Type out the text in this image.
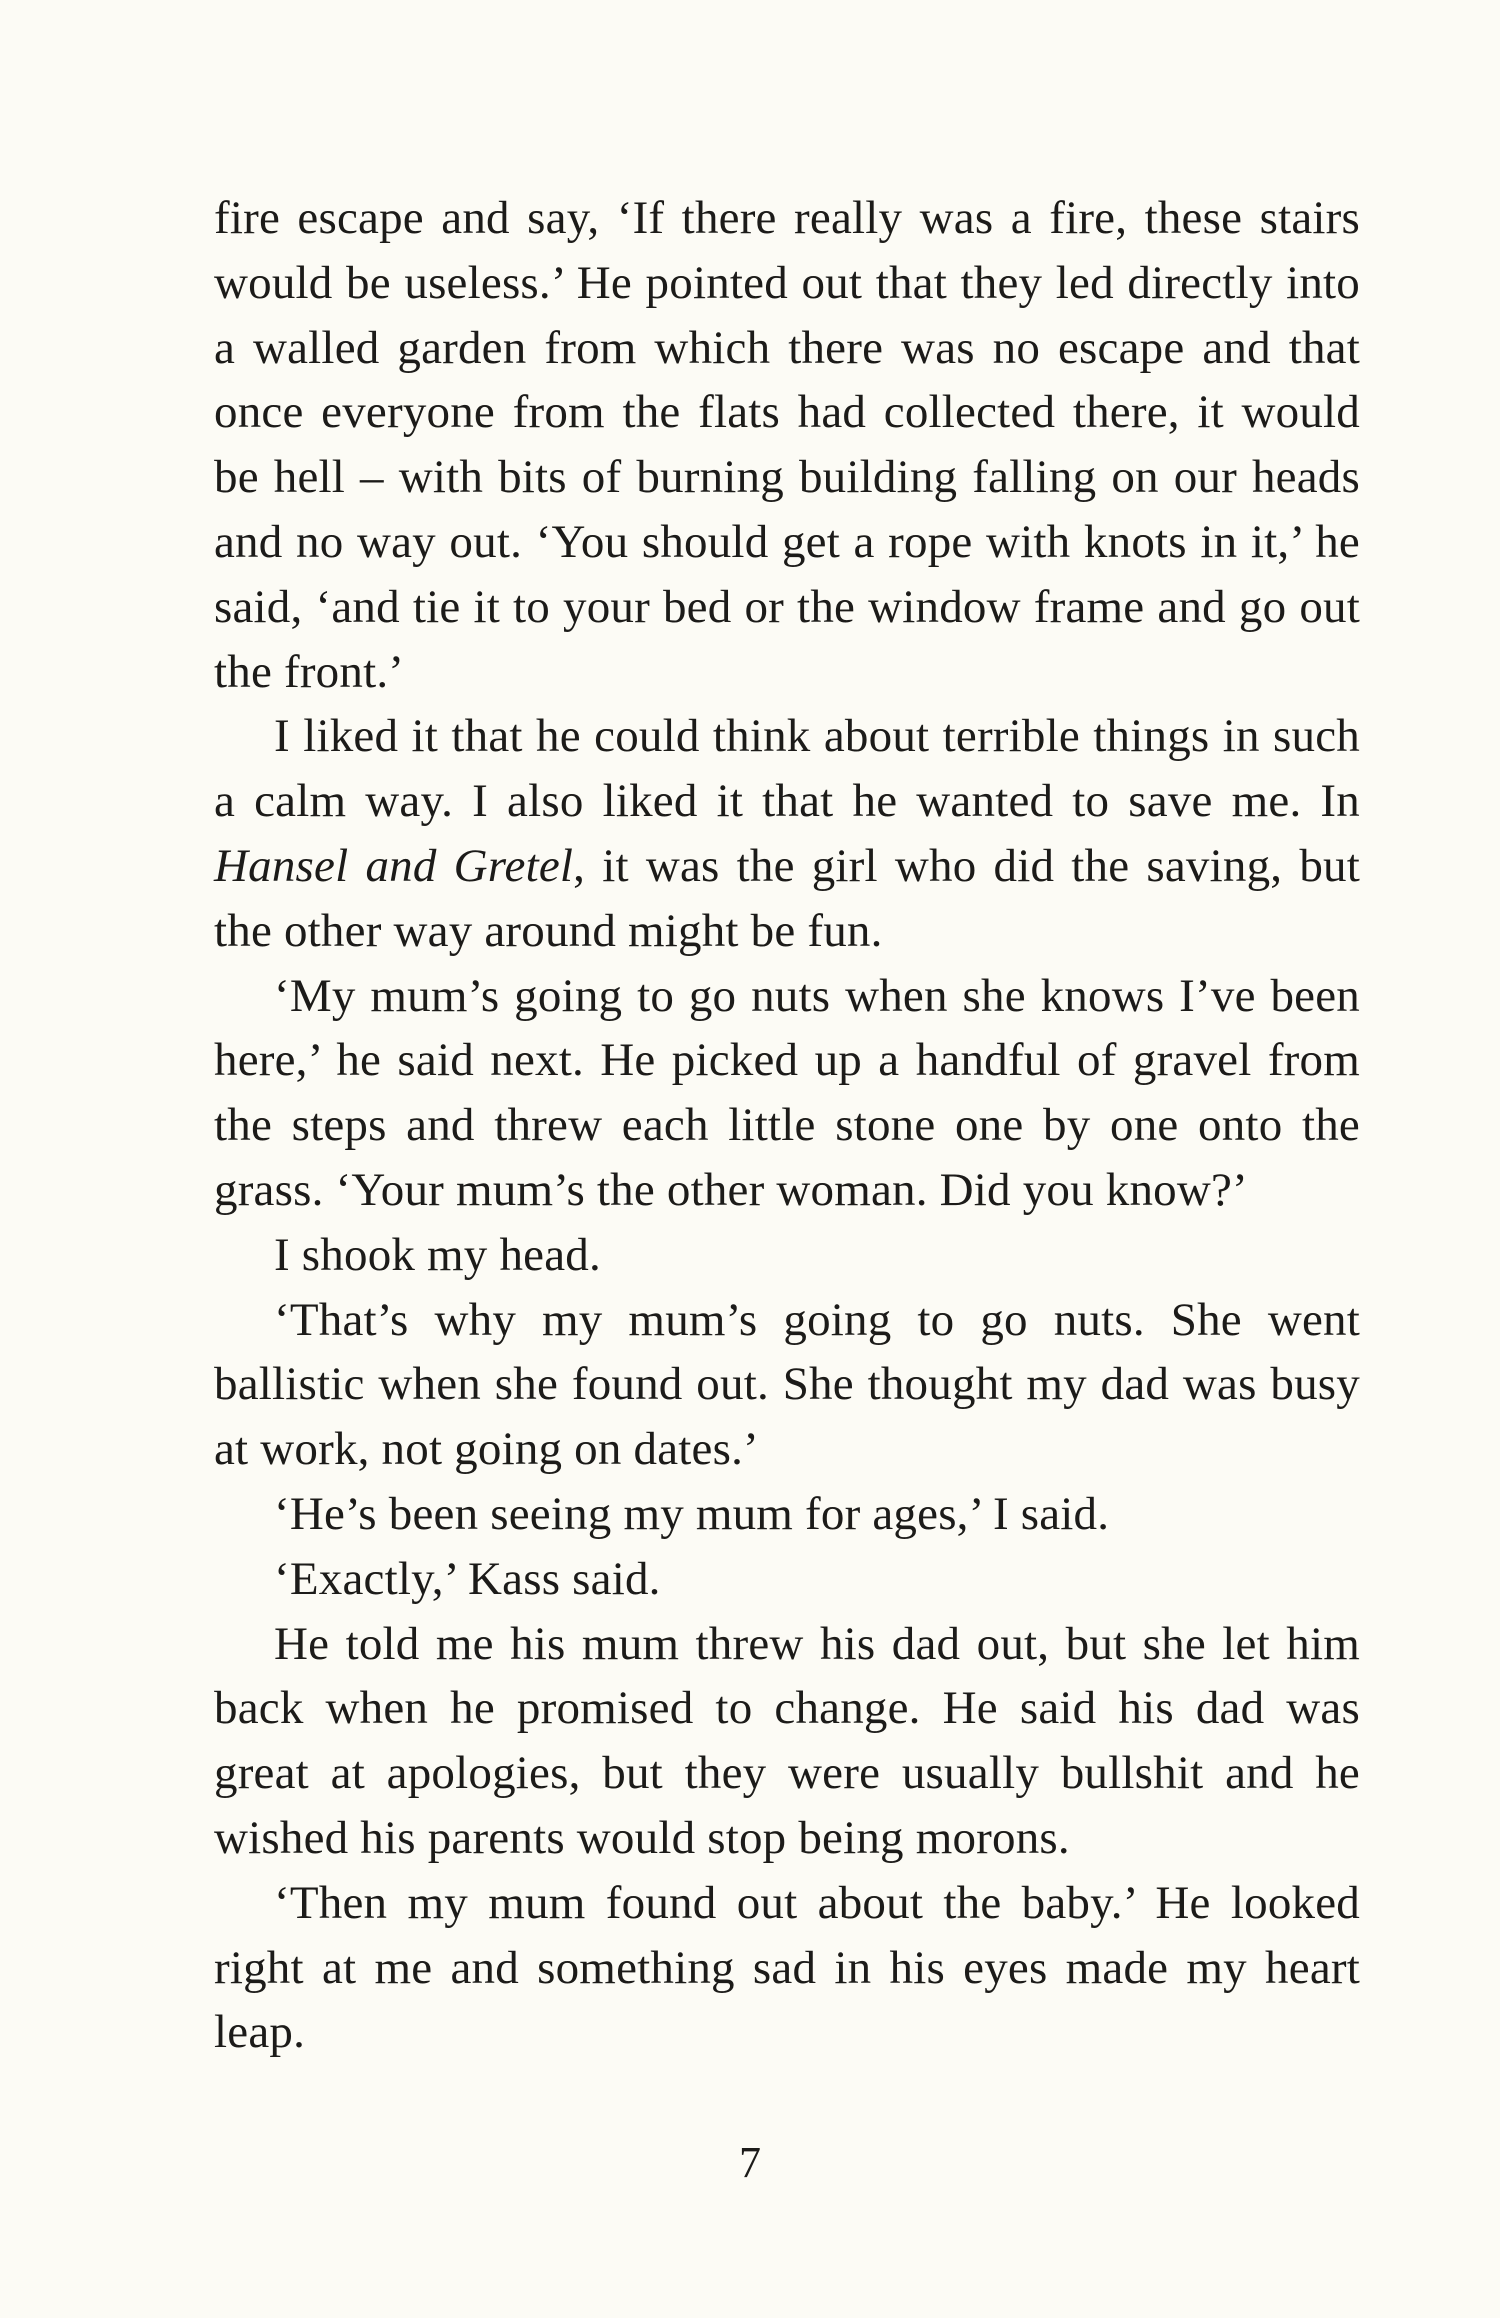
fire escape and say, ‘If there really was a fire, these stairs would be useless.’ He pointed out that they led directly into a walled garden from which there was no escape and that once everyone from the flats had collected there, it would be hell – with bits of burning building falling on our heads and no way out. ‘You should get a rope with knots in it,’ he said, ‘and tie it to your bed or the window frame and go out the front.’

I liked it that he could think about terrible things in such a calm way. I also liked it that he wanted to save me. In Hansel and Gretel, it was the girl who did the saving, but the other way around might be fun.

‘My mum’s going to go nuts when she knows I’ve been here,’ he said next. He picked up a handful of gravel from the steps and threw each little stone one by one onto the grass. ‘Your mum’s the other woman. Did you know?’

I shook my head.

‘That’s why my mum’s going to go nuts. She went ballistic when she found out. She thought my dad was busy at work, not going on dates.’

‘He’s been seeing my mum for ages,’ I said.

‘Exactly,’ Kass said.

He told me his mum threw his dad out, but she let him back when he promised to change. He said his dad was great at apologies, but they were usually bullshit and he wished his parents would stop being morons.

‘Then my mum found out about the baby.’ He looked right at me and something sad in his eyes made my heart leap.

7
